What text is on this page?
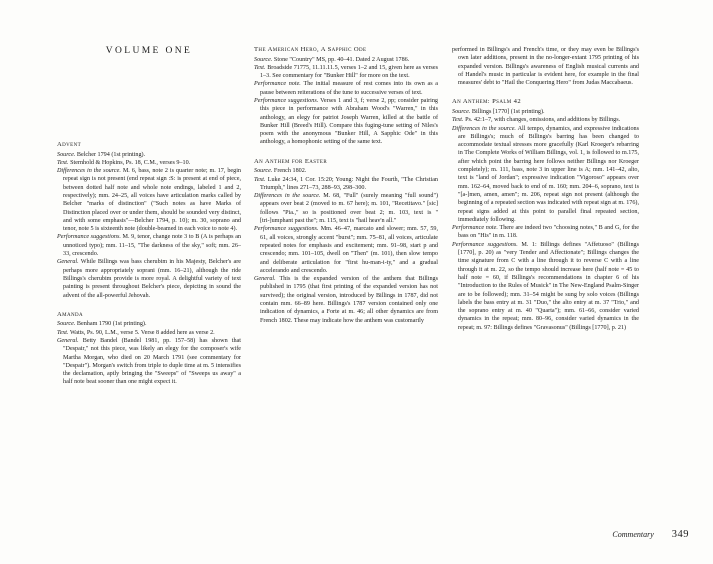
VOLUME ONE
Advent

Source. Belcher 1794 (1st printing).

Text. Sternhold & Hopkins, Ps. 18, C.M., verses 9–10.

Differences in the source. M. 6, bass, note 2 is quarter note; m. 17, begin repeat sign is not present (end repeat sign :S: is present at end of piece, between dotted half note and whole note endings, labeled 1 and 2, respectively); mm. 24–25, all voices have articulation marks called by Belcher "marks of distinction" ("Such notes as have Marks of Distinction placed over or under them, should be sounded very distinct, and with some emphasis"—Belcher 1794, p. 10); m. 30, soprano and tenor, note 5 is sixteenth note (double-beamed in each voice to note 4).

Performance suggestions. M. 9, tenor, change note 3 to B (A is perhaps an unnoticed typo); mm. 11–15, "The darkness of the sky," soft; mm. 26–33, crescendo.

General. While Billings was bass cherubim in his Majesty, Belcher's are perhaps more appropriately soprani (mm. 16–21), although the ride Billings's cherubim provide is more royal. A delightful variety of text painting is present throughout Belcher's piece, depicting in sound the advent of the all-powerful Jehovah.

Amanda

Source. Benham 1790 (1st printing).

Text. Watts, Ps. 90, L.M., verse 5. Verse 8 added here as verse 2.

General. Betty Bandel (Bandel 1981, pp. 157–58) has shown that "Despair," not this piece, was likely an elegy for the composer's wife Martha Morgan, who died on 20 March 1791 (see commentary for "Despair"). Morgan's switch from triple to duple time at m. 5 intensifies the declamation, aptly bringing the "Sweeps" of "Sweeps us away" a half note beat sooner than one might expect it.

The American Hero, A Sapphic Ode

Source. Stone "Country" MS, pp. 40–41. Dated 2 August 1786.

Text. Broadside 71775, 11.11.11.5, verses 1–2 and 15, given here as verses 1–3. See commentary for "Bunker Hill" for more on the text.

Performance note. The initial measure of rest comes into its own as a pause between reiterations of the tune to successive verses of text.

Performance suggestions. Verses 1 and 3, f; verse 2, pp; consider pairing this piece in performance with Abraham Wood's "Warren," in this anthology, an elegy for patriot Joseph Warren, killed at the battle of Bunker Hill (Breed's Hill). Compare this fuging-tune setting of Niles's poem with the anonymous "Bunker Hill, A Sapphic Ode" in this anthology, a homophonic setting of the same text.

An Anthem for Easter

Source. French 1802.

Text. Luke 24:34, 1 Cor. 15:20; Young: Night the Fourth, "The Christian Triumph," lines 271–73, 288–93, 298–300.

Differences in the source. M. 68, "Full" (surely meaning "full sound") appears over beat 2 (moved to m. 67 here); m. 101, "Recetitavo." [sic] follows "Pia.," so is positioned over beat 2; m. 103, text is "[tri-]umphant past the"; m. 115, text is "hail heav'n all."

Performance suggestions. Mm. 46–47, marcato and slower; mm. 57, 59, 61, all voices, strongly accent "burst"; mm. 75–81, all voices, articulate repeated notes for emphasis and excitement; mm. 91–98, start p and crescendo; mm. 101–105, dwell on "Then" (m. 101), then slow tempo and deliberate articulation for "first hu-man-i-ty," and a gradual accelerando and crescendo.

General. This is the expanded version of the anthem that Billings published in 1795 (that first printing of the expanded version has not survived); the original version, introduced by Billings in 1787, did not contain mm. 66–89 here. Billings's 1787 version contained only one indication of dynamics, a Forte at m. 46; all other dynamics are from French 1802. These may indicate how the anthem was customarily

performed in Billings's and French's time, or they may even be Billings's own later additions, present in the no-longer-extant 1795 printing of his expanded version. Billings's awareness of English musical currents and of Handel's music in particular is evident here, for example in the final measures' debt to "Hail the Conquering Hero" from Judas Maccabaeus.

An Anthem: Psalm 42

Source. Billings [1770] (1st printing).

Text. Ps. 42:1–7, with changes, omissions, and additions by Billings.

Differences in the source. All tempo, dynamics, and expressive indications are Billings's; much of Billings's barring has been changed to accommodate textual stresses more gracefully (Karl Kroeger's rebarring in The Complete Works of William Billings, vol. 1, is followed to m.175, after which point the barring here follows neither Billings nor Kroeger completely); m. 111, bass, note 3 in upper line is A; mm. 141–42, alto, text is "land of Jordan"; expressive indication "Vigoroso" appears over mm. 162–64, moved back to end of m. 160; mm. 204–6, soprano, text is "[a-]men, amen, amen"; m. 206, repeat sign not present (although the beginning of a repeated section was indicated with repeat sign at m. 176), repeat signs added at this point to parallel final repeated section, immediately following.

Performance note. There are indeed two "choosing notes," B and G, for the bass on "His" in m. 118.

Performance suggestions. M. 1: Billings defines "Affetuoso" (Billings [1770], p. 20) as "very Tender and Affectionate"; Billings changes the time signature from C with a line through it to reverse C with a line through it at m. 22, so the tempo should increase here (half note = 45 to half note = 60, if Billings's recommendations in chapter 6 of his "Introduction to the Rules of Musick" in The New-England Psalm-Singer are to be followed); mm. 31–54 might be sung by solo voices (Billings labels the bass entry at m. 31 "Duo," the alto entry at m. 37 "Trio," and the soprano entry at m. 40 "Quarta"); mm. 61–66, consider varied dynamics in the repeat; mm. 80–96, consider varied dynamics in the repeat; m. 97: Billings defines "Gravasonus" (Billings [1770], p. 21)

Commentary 349
